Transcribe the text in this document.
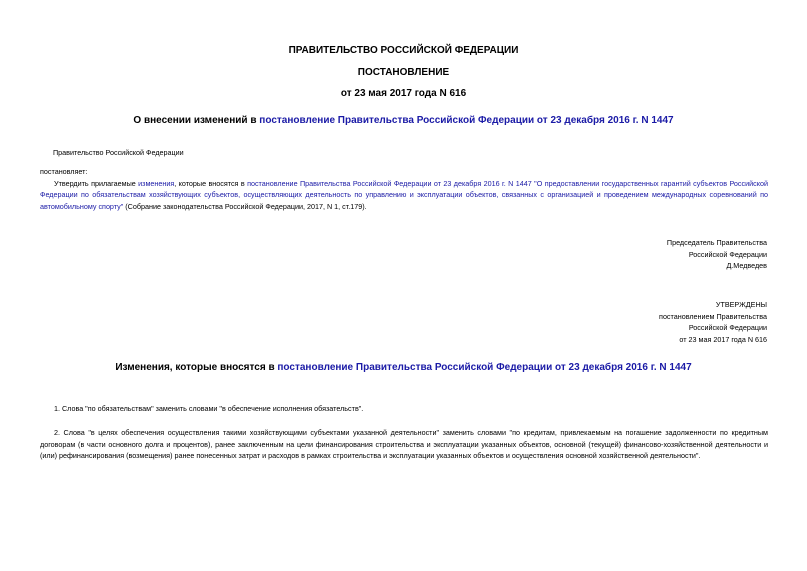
ПРАВИТЕЛЬСТВО РОССИЙСКОЙ ФЕДЕРАЦИИ
ПОСТАНОВЛЕНИЕ
от 23 мая 2017 года N 616
О внесении изменений в постановление Правительства Российской Федерации от 23 декабря 2016 г. N 1447
Правительство Российской Федерации

постановляет:

Утвердить прилагаемые изменения, которые вносятся в постановление Правительства Российской Федерации от 23 декабря 2016 г. N 1447 "О предоставлении государственных гарантий субъектов Российской Федерации по обязательствам хозяйствующих субъектов, осуществляющих деятельность по управлению и эксплуатации объектов, связанных с организацией и проведением международных соревнований по автомобильному спорту" (Собрание законодательства Российской Федерации, 2017, N 1, ст.179).

Председатель Правительства
Российской Федерации
Д.Медведев
УТВЕРЖДЕНЫ
постановлением Правительства
Российской Федерации
от 23 мая 2017 года N 616
Изменения, которые вносятся в постановление Правительства Российской Федерации от 23 декабря 2016 г. N 1447
1. Слова "по обязательствам" заменить словами "в обеспечение исполнения обязательств".
2. Слова "в целях обеспечения осуществления такими хозяйствующими субъектами указанной деятельности" заменить словами "по кредитам, привлекаемым на погашение задолженности по кредитным договорам (в части основного долга и процентов), ранее заключенным на цели финансирования строительства и эксплуатации указанных объектов, основной (текущей) финансово-хозяйственной деятельности и (или) рефинансирования (возмещения) ранее понесенных затрат и расходов в рамках строительства и эксплуатации указанных объектов и осуществления основной хозяйственной деятельности".
